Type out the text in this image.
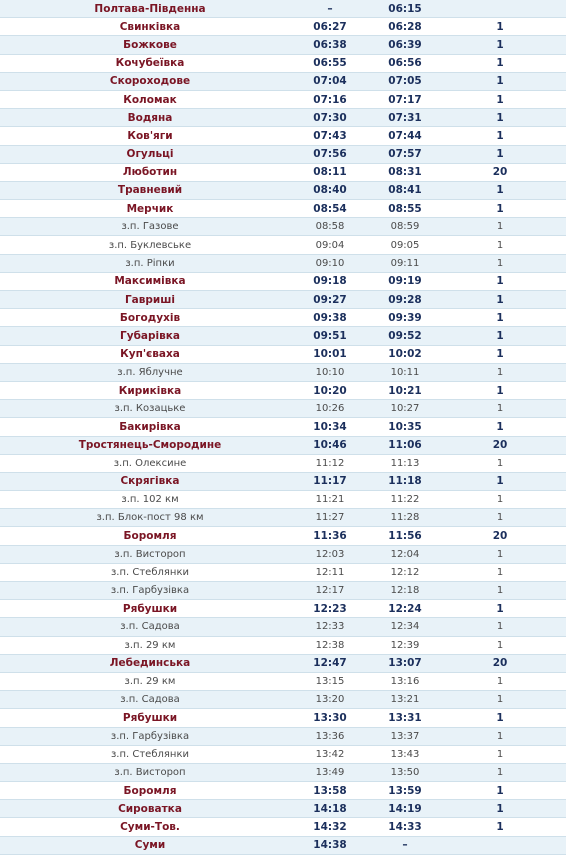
Полтава-Південна	–	06:15		
Свинківка	06:27	06:28	1	
Божкове	06:38	06:39	1	
Кочубеївка	06:55	06:56	1	
Скороходове	07:04	07:05	1	
Коломак	07:16	07:17	1	
Водяна	07:30	07:31	1	
Ков'яги	07:43	07:44	1	
Огульці	07:56	07:57	1	
Люботин	08:11	08:31	20	
Травневий	08:40	08:41	1	
Мерчик	08:54	08:55	1	
з.п. Газове	08:58	08:59	1	
з.п. Буклевське	09:04	09:05	1	
з.п. Ріпки	09:10	09:11	1	
Максимівка	09:18	09:19	1	
Гавриші	09:27	09:28	1	
Богодухів	09:38	09:39	1	
Губарівка	09:51	09:52	1	
Куп'єваха	10:01	10:02	1	
з.п. Яблучне	10:10	10:11	1	
Кириківка	10:20	10:21	1	
з.п. Козацьке	10:26	10:27	1	
Бакирівка	10:34	10:35	1	
Тростянець-Смородине	10:46	11:06	20	
з.п. Олексине	11:12	11:13	1	
Скрягівка	11:17	11:18	1	
з.п. 102 км	11:21	11:22	1	
з.п. Блок-пост 98 км	11:27	11:28	1	
Боромля	11:36	11:56	20	
з.п. Вистороп	12:03	12:04	1	
з.п. Стеблянки	12:11	12:12	1	
з.п. Гарбузівка	12:17	12:18	1	
Рябушки	12:23	12:24	1	
з.п. Садова	12:33	12:34	1	
з.п. 29 км	12:38	12:39	1	
Лебединська	12:47	13:07	20	
з.п. 29 км	13:15	13:16	1	
з.п. Садова	13:20	13:21	1	
Рябушки	13:30	13:31	1	
з.п. Гарбузівка	13:36	13:37	1	
з.п. Стеблянки	13:42	13:43	1	
з.п. Вистороп	13:49	13:50	1	
Боромля	13:58	13:59	1	
Сироватка	14:18	14:19	1	
Суми-Тов.	14:32	14:33	1	
Суми	14:38	–		
